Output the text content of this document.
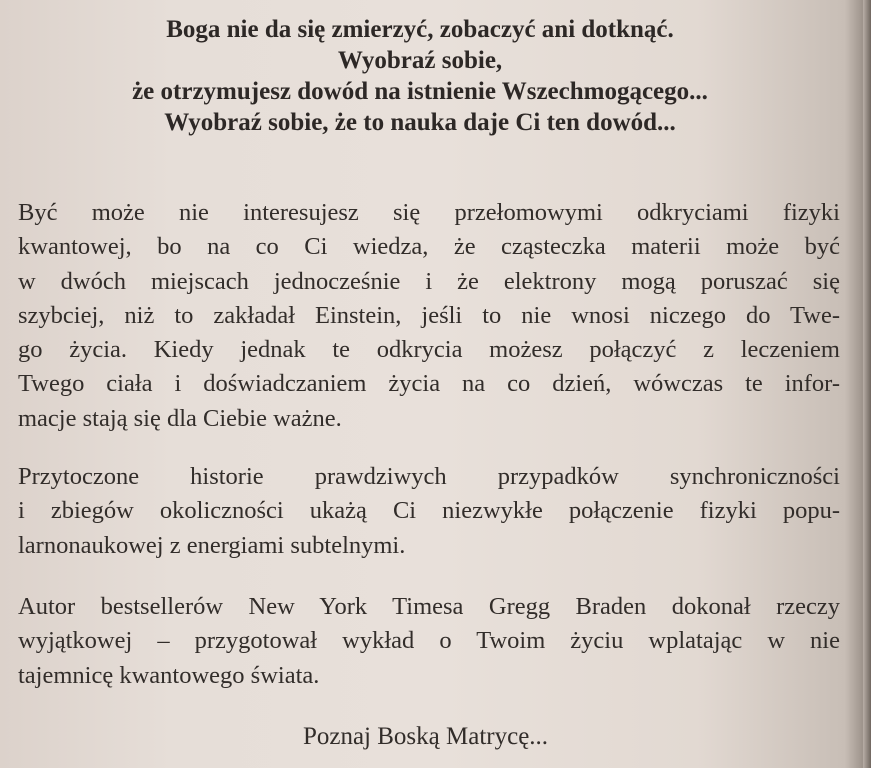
Boga nie da się zmierzyć, zobaczyć ani dotknąć.
Wyobraź sobie,
że otrzymujesz dowód na istnienie Wszechmogącego...
Wyobraź sobie, że to nauka daje Ci ten dowód...
Być może nie interesujesz się przełomowymi odkryciami fizyki
kwantowej, bo na co Ci wiedza, że cząsteczka materii może być
w dwóch miejscach jednocześnie i że elektrony mogą poruszać się
szybciej, niż to zakładał Einstein, jeśli to nie wnosi niczego do Twe-
go życia. Kiedy jednak te odkrycia możesz połączyć z leczeniem
Twego ciała i doświadczaniem życia na co dzień, wówczas te infor-
macje stają się dla Ciebie ważne.
Przytoczone historie prawdziwych przypadków synchroniczności
i zbiegów okoliczności ukażą Ci niezwykłe połączenie fizyki popu-
larnonaukowej z energiami subtelnymi.
Autor bestsellerów New York Timesa Gregg Braden dokonał rzeczy
wyjątkowej – przygotował wykład o Twoim życiu wplatając w nie
tajemnicę kwantowego świata.
Poznaj Boską Matrycę...
